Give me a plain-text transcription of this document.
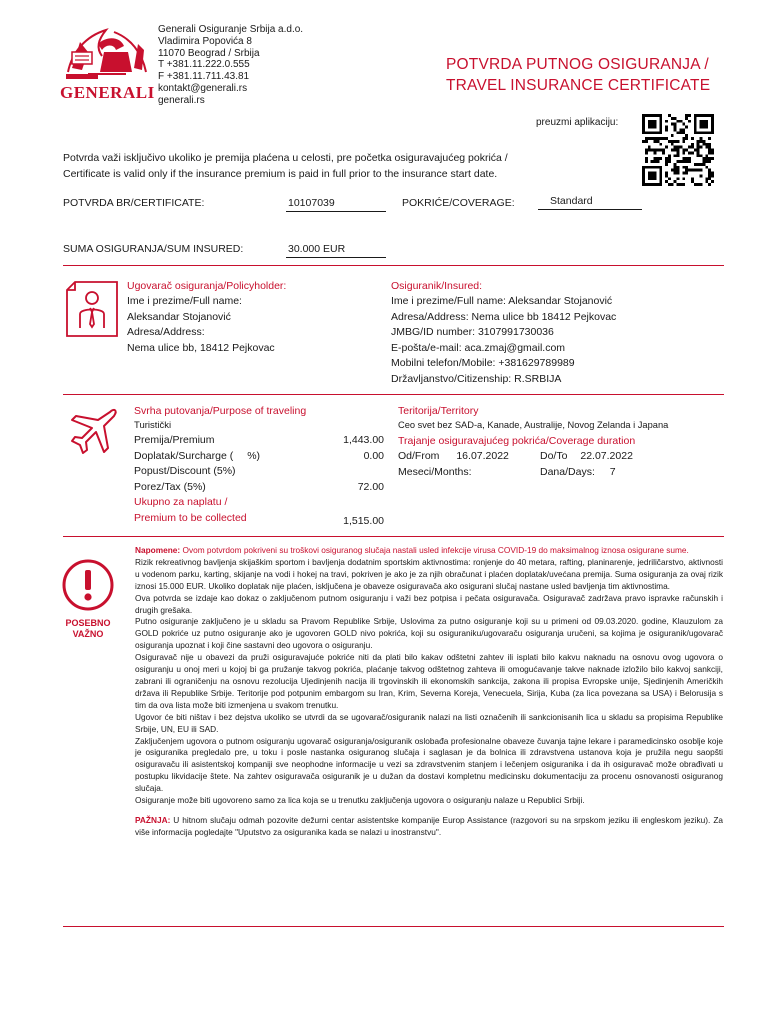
GENERALI
Generali Osiguranje Srbija a.d.o.
Vladimira Popovića 8
11070 Beograd / Srbija
T +381.11.222.0.555
F +381.11.711.43.81
kontakt@generali.rs
generali.rs
POTVRDA PUTNOG OSIGURANJA /
TRAVEL INSURANCE CERTIFICATE
preuzmi aplikaciju:
Potvrda važi isključivo ukoliko je premija plaćena u celosti, pre početka osiguravajućeg pokrića /
Certificate is valid only if the insurance premium is paid in full prior to the insurance start date.
POTVRDA BR/CERTIFICATE:	10107039	POKRIĆE/COVERAGE:	Standard
SUMA OSIGURANJA/SUM INSURED:	30.000 EUR
Ugovarač osiguranja/Policyholder:
Ime i prezime/Full name:
Aleksandar Stojanović
Adresa/Address:
Nema ulice bb, 18412 Pejkovac
Osiguranik/Insured:
Ime i prezime/Full name: Aleksandar Stojanović
Adresa/Address: Nema ulice bb 18412 Pejkovac
JMBG/ID number: 3107991730036
E-pošta/e-mail: aca.zmaj@gmail.com
Mobilni telefon/Mobile: +381629789989
Državljanstvo/Citizenship: R.SRBIJA
Svrha putovanja/Purpose of traveling
Turistički
Premija/Premium	1,443.00
Doplatak/Surcharge ( %)	0.00
Popust/Discount (5%)
Porez/Tax (5%)	72.00
Ukupno za naplatu /
Premium to be collected	1,515.00
Teritorija/Territory
Ceo svet bez SAD-a, Kanade, Australije, Novog Zelanda i Japana
Trajanje osiguravajućeg pokrića/Coverage duration
Od/From 16.07.2022	Do/To 22.07.2022
Meseci/Months:	Dana/Days: 7
POSEBNO
VAŽNO

Napomene: Ovom potvrdom pokriveni su troškovi osiguranog slučaja nastali usled infekcije virusa COVID-19 do maksimalnog iznosa osigurane sume.

Rizik rekreativnog bavljenja skijaškim sportom i bavljenja dodatnim sportskim aktivnostima: ronjenje do 40 metara, rafting, planinarenje, jedriličarstvo, aktivnosti u vodenom parku, karting, skijanje na vodi i hokej na travi, pokriven je ako je za njih obračunat i plaćen doplatak/uvećana premija. Suma osiguranja za ovaj rizik iznosi 15.000 EUR. Ukoliko doplatak nije plaćen, isključena je obaveze osiguravača ako osigurani slučaj nastane usled bavljenja tim aktivnostima.

Ova potvrda se izdaje kao dokaz o zaključenom putnom osiguranju i važi bez potpisa i pečata osiguravača. Osiguravač zadržava pravo ispravke računskih i drugih grešaka.

Putno osiguranje zaključeno je u skladu sa Pravom Republike Srbije, Uslovima za putno osiguranje koji su u primeni od 09.03.2020. godine, Klauzulom za GOLD pokriće uz putno osiguranje ako je ugovoren GOLD nivo pokrića, koji su osiguraniku/ugovaraču osiguranja uručeni, sa kojima je osiguranik/ugovarač osiguranja upoznat i koji čine sastavni deo ugovora o osiguranju.

Osiguravač nije u obavezi da pruži osiguravajuće pokriće niti da plati bilo kakav odštetni zahtev ili isplati bilo kakvu naknadu na osnovu ovog ugovora o osiguranju u onoj meri u kojoj bi ga pružanje takvog pokrića, plaćanje takvog odštetnog zahteva ili omogućavanje takve naknade izložilo bilo kakvoj sankciji, zabrani ili ograničenju na osnovu rezolucija Ujedinjenih nacija ili trgovinskih ili ekonomskih sankcija, zakona ili propisa Evropske unije, Sjedinjenih Američkih država ili Republike Srbije. Teritorije pod potpunim embargom su Iran, Krim, Severna Koreja, Venecuela, Sirija, Kuba (za lica povezana sa USA) i Belorusija s tim da ova lista može biti izmenjena u svakom trenutku.

Ugovor će biti ništav i bez dejstva ukoliko se utvrdi da se ugovarač/osiguranik nalazi na listi označenih ili sankcionisanih lica u skladu sa propisima Republike Srbije, UN, EU ili SAD.

Zaključenjem ugovora o putnom osiguranju ugovarač osiguranja/osiguranik oslobađa profesionalne obaveze čuvanja tajne lekare i paramedicinsko osoblje koje je osiguranika pregledalo pre, u toku i posle nastanka osiguranog slučaja i saglasan je da bolnica ili zdravstvena ustanova koja je pružila negu saopšti osiguravaču ili asistentskoj kompaniji sve neophodne informacije u vezi sa zdravstvenim stanjem i lečenjem osiguranika i da ih osiguravač može obrađivati u postupku likvidacije štete. Na zahtev osiguravača osiguranik je u dužan da dostavi kompletnu medicinsku dokumentaciju za procenu osnovanosti osiguranog slučaja.

Osiguranje može biti ugovoreno samo za lica koja se u trenutku zaključenja ugovora o osiguranju nalaze u Republici Srbiji.

PAŽNJA: U hitnom slučaju odmah pozovite dežurni centar asistentske kompanije Europ Assistance (razgovori su na srpskom jeziku ili engleskom jeziku). Za više informacija pogledajte "Uputstvo za osiguranika kada se nalazi u inostranstvu".
